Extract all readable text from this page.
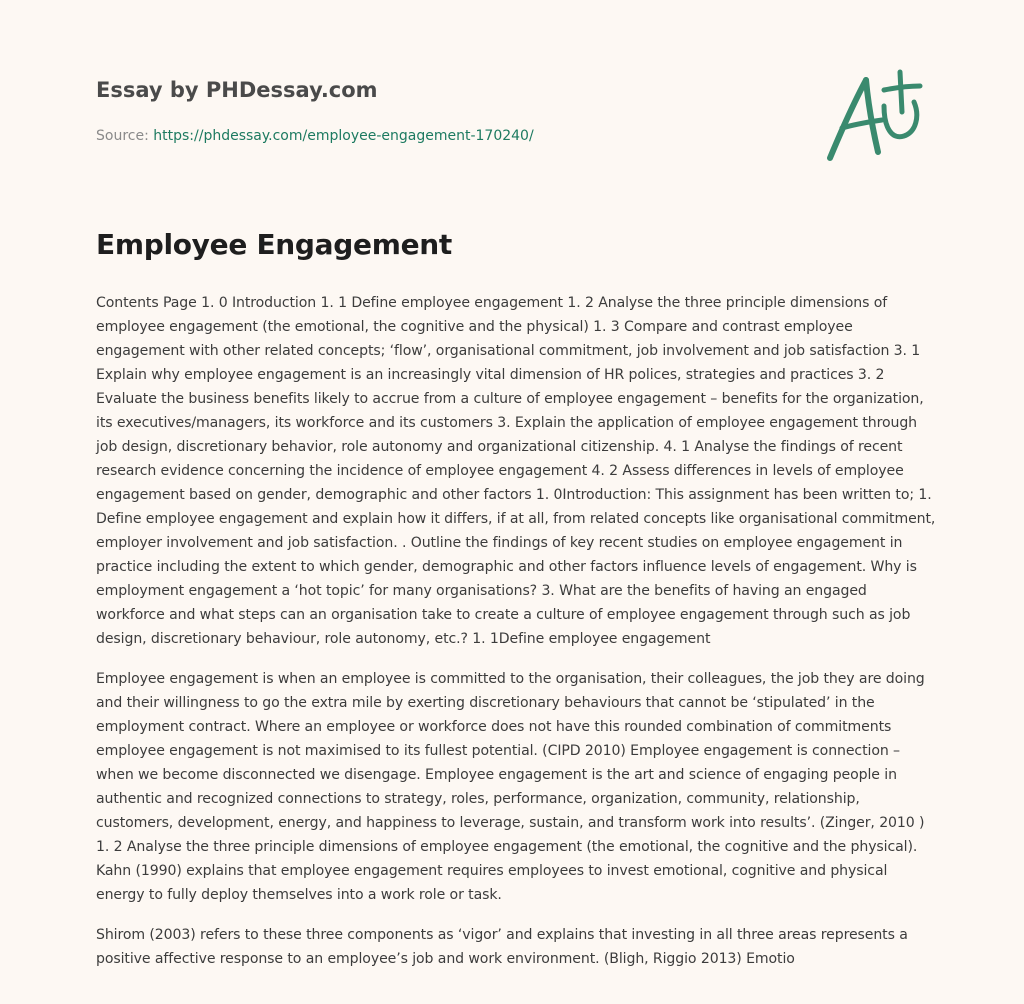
Essay by PHDessay.com
Source: https://phdessay.com/employee-engagement-170240/
Employee Engagement

Contents Page 1. 0 Introduction 1. 1 Define employee engagement 1. 2 Analyse the three principle dimensions of employee engagement (the emotional, the cognitive and the physical) 1. 3 Compare and contrast employee engagement with other related concepts; ‘flow’, organisational commitment, job involvement and job satisfaction 3. 1 Explain why employee engagement is an increasingly vital dimension of HR polices, strategies and practices 3. 2 Evaluate the business benefits likely to accrue from a culture of employee engagement – benefits for the organization, its executives/managers, its workforce and its customers 3. Explain the application of employee engagement through job design, discretionary behavior, role autonomy and organizational citizenship. 4. 1 Analyse the findings of recent research evidence concerning the incidence of employee engagement 4. 2 Assess differences in levels of employee engagement based on gender, demographic and other factors 1. 0Introduction: This assignment has been written to; 1. Define employee engagement and explain how it differs, if at all, from related concepts like organisational commitment, employer involvement and job satisfaction. . Outline the findings of key recent studies on employee engagement in practice including the extent to which gender, demographic and other factors influence levels of engagement. Why is employment engagement a ‘hot topic’ for many organisations? 3. What are the benefits of having an engaged workforce and what steps can an organisation take to create a culture of employee engagement through such as job design, discretionary behaviour, role autonomy, etc.? 1. 1Define employee engagement

Employee engagement is when an employee is committed to the organisation, their colleagues, the job they are doing and their willingness to go the extra mile by exerting discretionary behaviours that cannot be ‘stipulated’ in the employment contract. Where an employee or workforce does not have this rounded combination of commitments employee engagement is not maximised to its fullest potential. (CIPD 2010) Employee engagement is connection – when we become disconnected we disengage. Employee engagement is the art and science of engaging people in authentic and recognized connections to strategy, roles, performance, organization, community, relationship, customers, development, energy, and happiness to leverage, sustain, and transform work into results’. (Zinger, 2010 ) 1. 2 Analyse the three principle dimensions of employee engagement (the emotional, the cognitive and the physical). Kahn (1990) explains that employee engagement requires employees to invest emotional, cognitive and physical energy to fully deploy themselves into a work role or task.

Shirom (2003) refers to these three components as ‘vigor’ and explains that investing in all three areas represents a positive affective response to an employee’s job and work environment. (Bligh, Riggio 2013) Emotio
